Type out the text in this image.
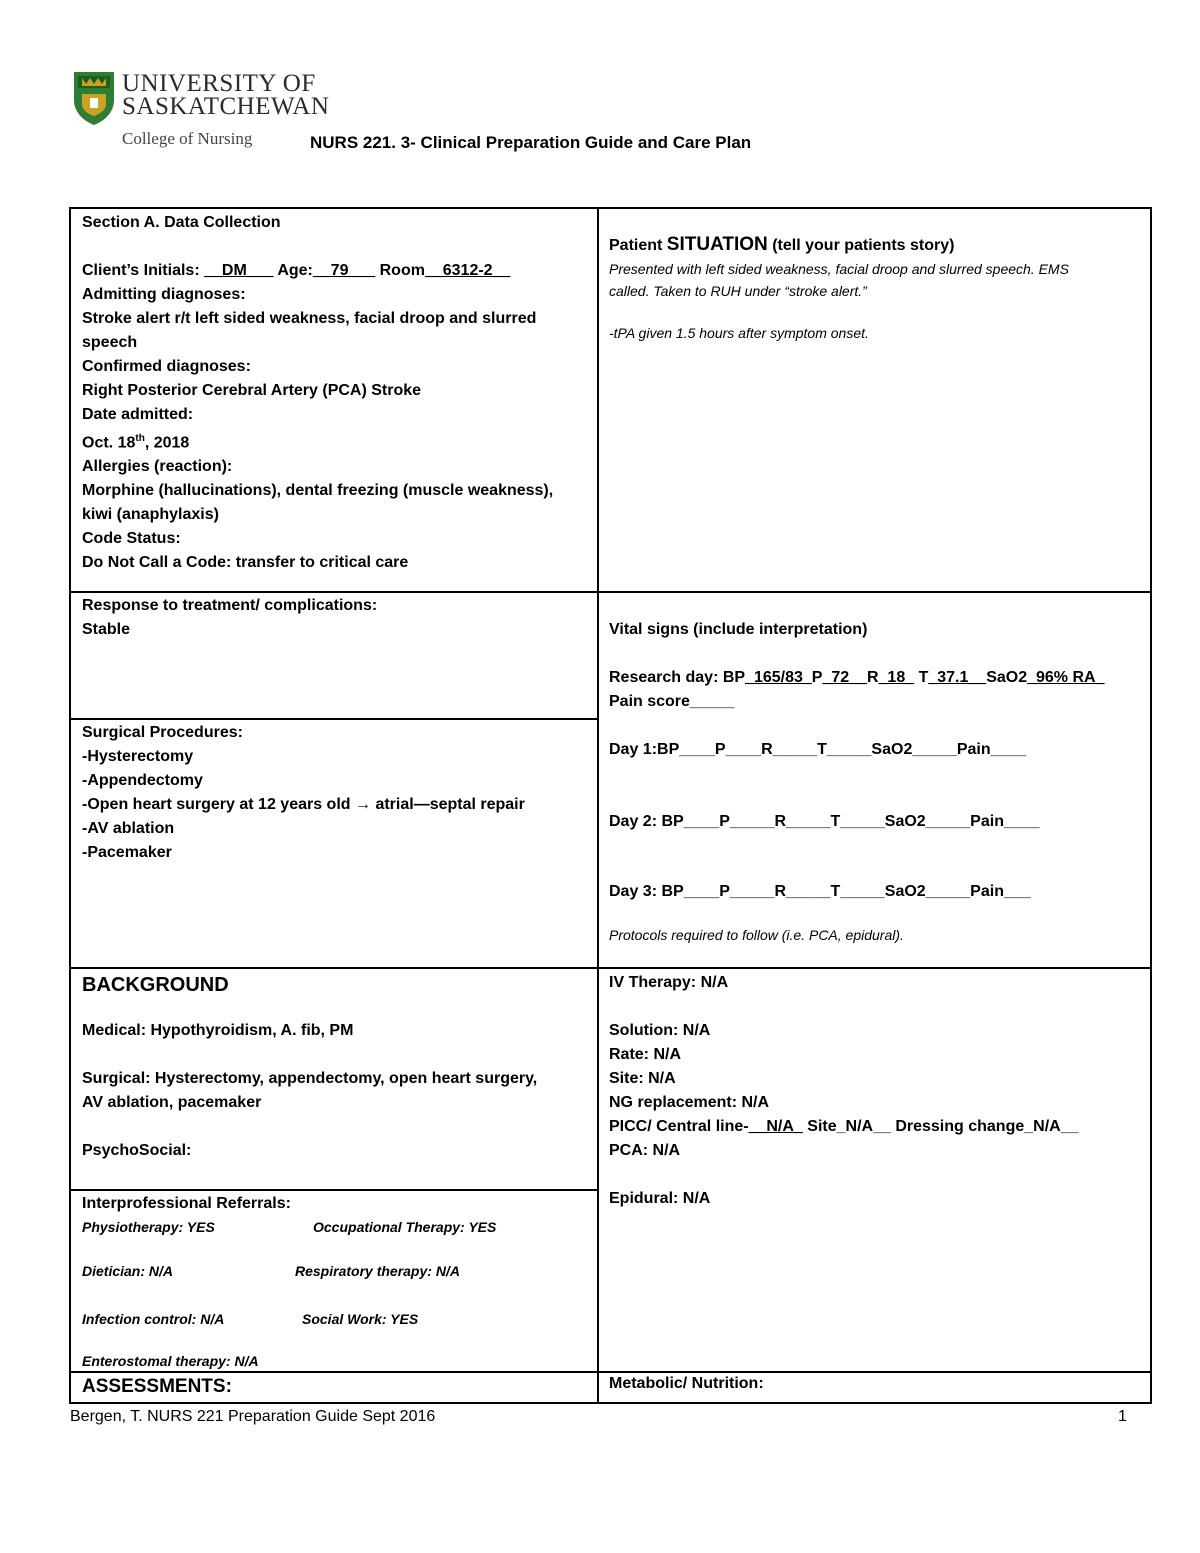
UNIVERSITY OF
SASKATCHEWAN
College of Nursing	NURS 221. 3- Clinical Preparation Guide and Care Plan
Section A. Data Collection
Client’s Initials: __DM___ Age:__79___ Room__6312-2__
Admitting diagnoses:
Stroke alert r/t left sided weakness, facial droop and slurred
speech
Confirmed diagnoses:
Right Posterior Cerebral Artery (PCA) Stroke
Date admitted:
Oct. 18th, 2018
Allergies (reaction):
Morphine (hallucinations), dental freezing (muscle weakness),
kiwi (anaphylaxis)
Code Status:
Do Not Call a Code: transfer to critical care
Patient SITUATION (tell your patients story)
Presented with left sided weakness, facial droop and slurred speech. EMS
called. Taken to RUH under “stroke alert.”
-tPA given 1.5 hours after symptom onset.
Response to treatment/ complications:
Stable	Vital signs (include interpretation)
Research day: BP_165/83_P_72__R_18_ T_37.1__SaO2_96% RA_
Pain score_____
Day 1:BP____P____R_____T_____SaO2_____Pain____
Day 2: BP____P_____R_____T_____SaO2_____Pain____
Day 3: BP____P_____R_____T_____SaO2_____Pain___
Protocols required to follow (i.e. PCA, epidural).
Surgical Procedures:
-Hysterectomy
-Appendectomy
-Open heart surgery at 12 years old → atrial—septal repair
-AV ablation
-Pacemaker
BACKGROUND
Medical: Hypothyroidism, A. fib, PM
Surgical: Hysterectomy, appendectomy, open heart surgery,
AV ablation, pacemaker
PsychoSocial:
IV Therapy: N/A
Solution: N/A
Rate: N/A
Site: N/A
NG replacement: N/A
PICC/ Central line-__N/A_ Site_N/A__ Dressing change_N/A__
PCA: N/A
Epidural: N/A
Interprofessional Referrals:
Physiotherapy: YES	Occupational Therapy: YES
Dietician: N/A	Respiratory therapy: N/A
Infection control: N/A	Social Work: YES
Enterostomal therapy: N/A
ASSESSMENTS:	Metabolic/ Nutrition:
Bergen, T. NURS 221 Preparation Guide Sept 2016	1
